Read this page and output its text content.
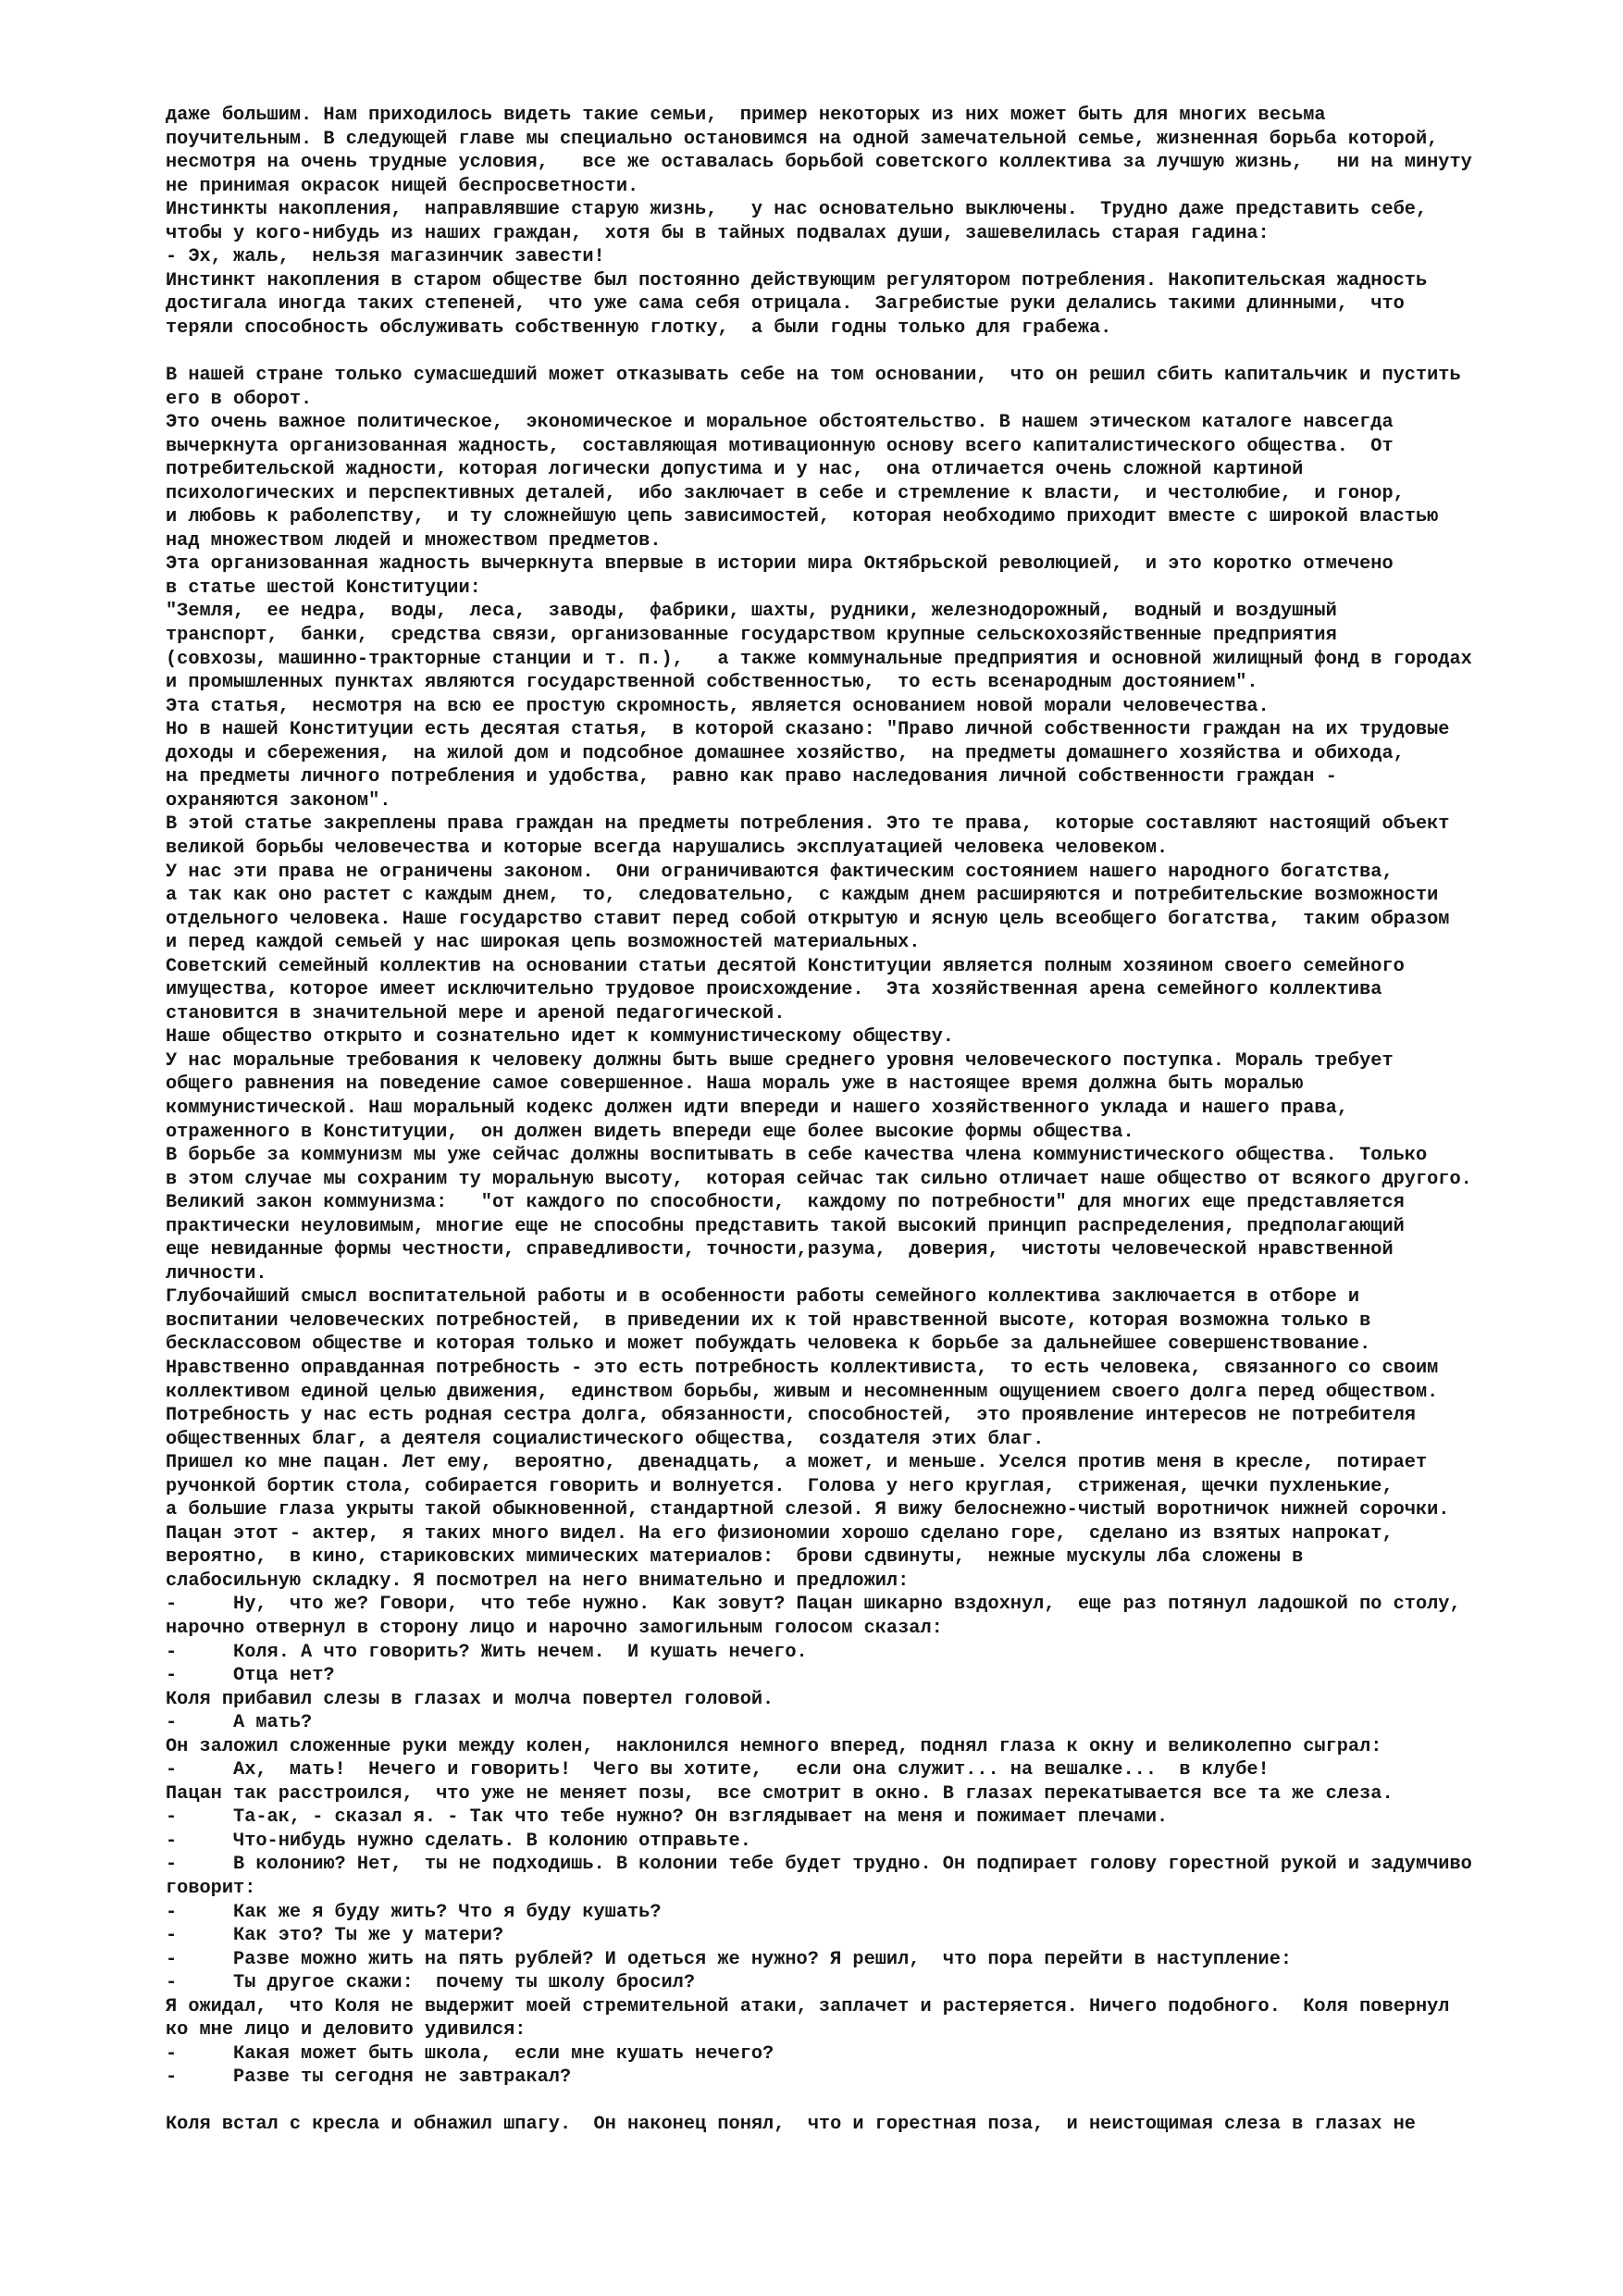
даже большим. Нам приходилось видеть такие семьи,  пример некоторых из них может быть для многих весьма
поучительным. В следующей главе мы специально остановимся на одной замечательной семье, жизненная борьба которой,
несмотря на очень трудные условия,   все же оставалась борьбой советского коллектива за лучшую жизнь,   ни на минуту
не принимая окрасок нищей беспросветности.
Инстинкты накопления,  направлявшие старую жизнь,   у нас основательно выключены.  Трудно даже представить себе,
чтобы у кого-нибудь из наших граждан,  хотя бы в тайных подвалах души, зашевелилась старая гадина:
- Эх, жаль,  нельзя магазинчик завести!
Инстинкт накопления в старом обществе был постоянно действующим регулятором потребления. Накопительская жадность
достигала иногда таких степеней,  что уже сама себя отрицала.  Загребистые руки делались такими длинными,  что
теряли способность обслуживать собственную глотку,  а были годны только для грабежа.
В нашей стране только сумасшедший может отказывать себе на том основании,  что он решил сбить капитальчик и пустить
его в оборот.
Это очень важное политическое,  экономическое и моральное обстоятельство. В нашем этическом каталоге навсегда
вычеркнута организованная жадность,  составляющая мотивационную основу всего капиталистического общества.  От
потребительской жадности, которая логически допустима и у нас,  она отличается очень сложной картиной
психологических и перспективных деталей,  ибо заключает в себе и стремление к власти,  и честолюбие,  и гонор,
и любовь к раболепству,  и ту сложнейшую цепь зависимостей,  которая необходимо приходит вместе с широкой властью
над множеством людей и множеством предметов.
Эта организованная жадность вычеркнута впервые в истории мира Октябрьской революцией,  и это коротко отмечено
в статье шестой Конституции:
"Земля,  ее недра,  воды,  леса,  заводы,  фабрики, шахты, рудники, железнодорожный,  водный и воздушный
транспорт,  банки,  средства связи, организованные государством крупные сельскохозяйственные предприятия
(совхозы, машинно-тракторные станции и т. п.),   а также коммунальные предприятия и основной жилищный фонд в городах
и промышленных пунктах являются государственной собственностью,  то есть всенародным достоянием".
Эта статья,  несмотря на всю ее простую скромность, является основанием новой морали человечества.
Но в нашей Конституции есть десятая статья,  в которой сказано: "Право личной собственности граждан на их трудовые
доходы и сбережения,  на жилой дом и подсобное домашнее хозяйство,  на предметы домашнего хозяйства и обихода,
на предметы личного потребления и удобства,  равно как право наследования личной собственности граждан -
охраняются законом".
В этой статье закреплены права граждан на предметы потребления. Это те права,  которые составляют настоящий объект
великой борьбы человечества и которые всегда нарушались эксплуатацией человека человеком.
У нас эти права не ограничены законом.  Они ограничиваются фактическим состоянием нашего народного богатства,
а так как оно растет с каждым днем,  то,  следовательно,  с каждым днем расширяются и потребительские возможности
отдельного человека. Наше государство ставит перед собой открытую и ясную цель всеобщего богатства,  таким образом
и перед каждой семьей у нас широкая цепь возможностей материальных.
Советский семейный коллектив на основании статьи десятой Конституции является полным хозяином своего семейного
имущества, которое имеет исключительно трудовое происхождение.  Эта хозяйственная арена семейного коллектива
становится в значительной мере и ареной педагогической.
Наше общество открыто и сознательно идет к коммунистическому обществу.
У нас моральные требования к человеку должны быть выше среднего уровня человеческого поступка. Мораль требует
общего равнения на поведение самое совершенное. Наша мораль уже в настоящее время должна быть моралью
коммунистической. Наш моральный кодекс должен идти впереди и нашего хозяйственного уклада и нашего права,
отраженного в Конституции,  он должен видеть впереди еще более высокие формы общества.
В борьбе за коммунизм мы уже сейчас должны воспитывать в себе качества члена коммунистического общества.  Только
в этом случае мы сохраним ту моральную высоту,  которая сейчас так сильно отличает наше общество от всякого другого.
Великий закон коммунизма:   "от каждого по способности,  каждому по потребности" для многих еще представляется
практически неуловимым, многие еще не способны представить такой высокий принцип распределения, предполагающий
еще невиданные формы честности, справедливости, точности,разума,  доверия,  чистоты человеческой нравственной
личности.
Глубочайший смысл воспитательной работы и в особенности работы семейного коллектива заключается в отборе и
воспитании человеческих потребностей,  в приведении их к той нравственной высоте, которая возможна только в
бесклассовом обществе и которая только и может побуждать человека к борьбе за дальнейшее совершенствование.
Нравственно оправданная потребность - это есть потребность коллективиста,  то есть человека,  связанного со своим
коллективом единой целью движения,  единством борьбы, живым и несомненным ощущением своего долга перед обществом.
Потребность у нас есть родная сестра долга, обязанности, способностей,  это проявление интересов не потребителя
общественных благ, а деятеля социалистического общества,  создателя этих благ.
Пришел ко мне пацан. Лет ему,  вероятно,  двенадцать,  а может, и меньше. Уселся против меня в кресле,  потирает
ручонкой бортик стола, собирается говорить и волнуется.  Голова у него круглая,  стриженая, щечки пухленькие,
а большие глаза укрыты такой обыкновенной, стандартной слезой. Я вижу белоснежно-чистый воротничок нижней сорочки.
Пацан этот - актер,  я таких много видел. На его физиономии хорошо сделано горе,  сделано из взятых напрокат,
вероятно,  в кино, стариковских мимических материалов:  брови сдвинуты,  нежные мускулы лба сложены в
слабосильную складку. Я посмотрел на него внимательно и предложил:
-     Ну,  что же? Говори,  что тебе нужно.  Как зовут? Пацан шикарно вздохнул,  еще раз потянул ладошкой по столу,
нарочно отвернул в сторону лицо и нарочно замогильным голосом сказал:
-     Коля. А что говорить? Жить нечем.  И кушать нечего.
-     Отца нет?
Коля прибавил слезы в глазах и молча повертел головой.
-     А мать?
Он заложил сложенные руки между колен,  наклонился немного вперед, поднял глаза к окну и великолепно сыграл:
-     Ах,  мать!  Нечего и говорить!  Чего вы хотите,   если она служит... на вешалке...  в клубе!
Пацан так расстроился,  что уже не меняет позы,  все смотрит в окно. В глазах перекатывается все та же слеза.
-     Та-ак, - сказал я. - Так что тебе нужно? Он взглядывает на меня и пожимает плечами.
-     Что-нибудь нужно сделать. В колонию отправьте.
-     В колонию? Нет,  ты не подходишь. В колонии тебе будет трудно. Он подпирает голову горестной рукой и задумчиво
говорит:
-     Как же я буду жить? Что я буду кушать?
-     Как это? Ты же у матери?
-     Разве можно жить на пять рублей? И одеться же нужно? Я решил,  что пора перейти в наступление:
-     Ты другое скажи:  почему ты школу бросил?
Я ожидал,  что Коля не выдержит моей стремительной атаки, заплачет и растеряется. Ничего подобного.  Коля повернул
ко мне лицо и деловито удивился:
-     Какая может быть школа,  если мне кушать нечего?
-     Разве ты сегодня не завтракал?
Коля встал с кресла и обнажил шпагу.  Он наконец понял,  что и горестная поза,  и неистощимая слеза в глазах не
